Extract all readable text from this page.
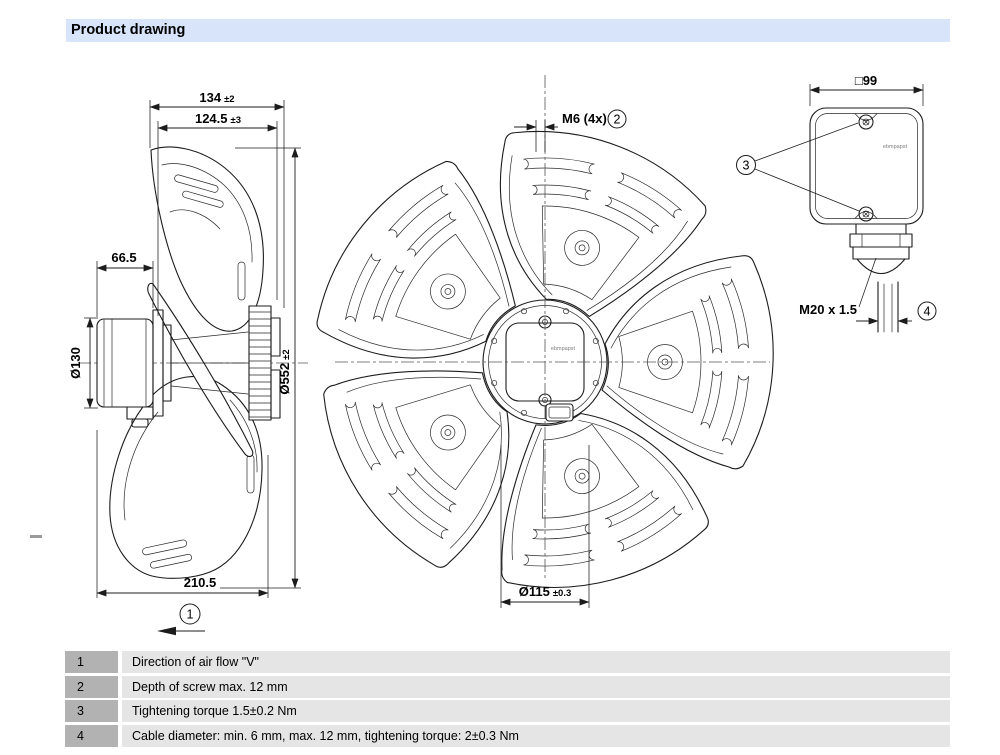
Product drawing
134 ±2
124.5 ±3
66.5
Ø130	Ø552±2
210.5
1
ebmpapst
M6 (4x) 2
Ø115 ±0.3
□99
ebmpapst
3
M20 x 1.5	4
1	Direction of air flow "V"
2	Depth of screw max. 12 mm
3	Tightening torque 1.5±0.2 Nm
4	Cable diameter: min. 6 mm, max. 12 mm, tightening torque: 2±0.3 Nm
